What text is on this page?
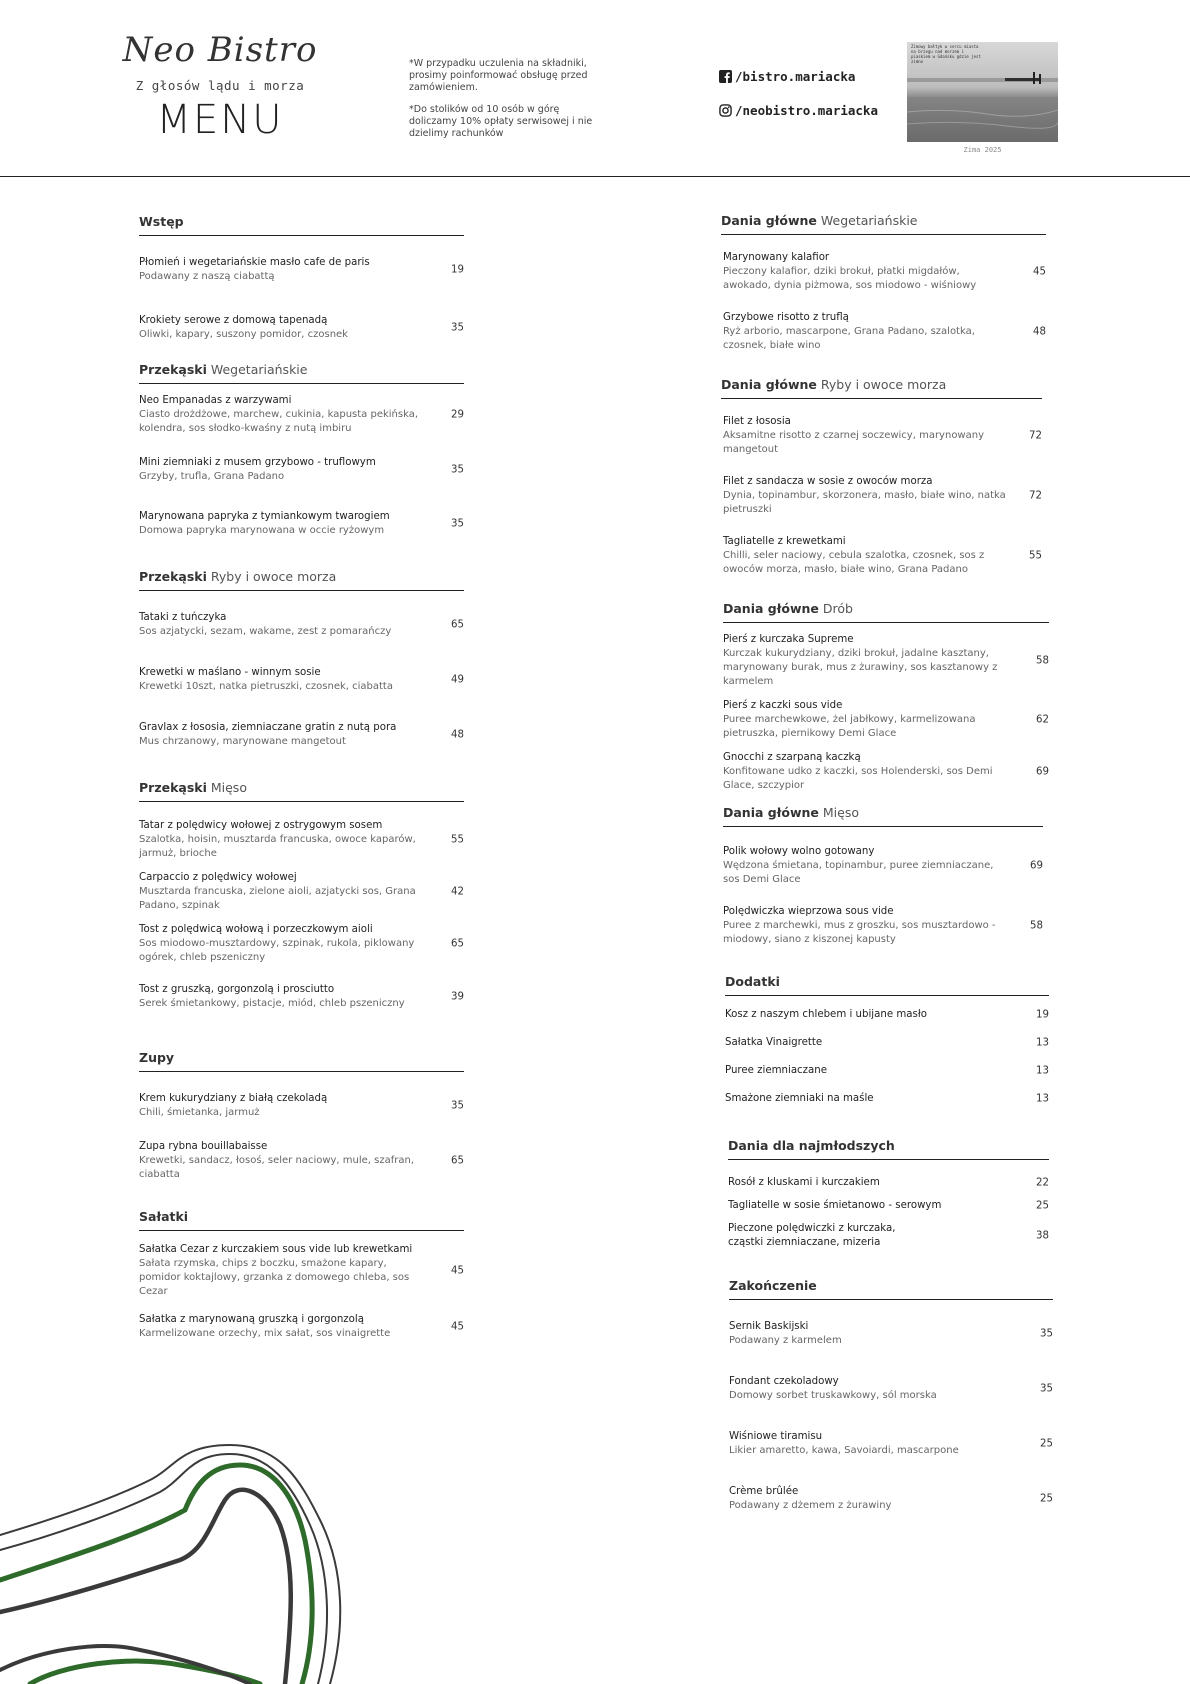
Neo Bistro
Z głosów lądu i morza
MENU

*W przypadku uczulenia na składniki, prosimy poinformować obsługę przed zamówieniem.

*Do stolików od 10 osób w górę doliczamy 10% opłaty serwisowej i nie dzielimy rachunków

/bistro.mariacka
/neobistro.mariacka
Zimowy bałtyk w sercu miasta na brzegu nad morzem i piaskiem w Gdańsku gdzie jest zimno
Zima 2025
Wstęp
Płomień i wegetariańskie masło cafe de paris
Podawany z naszą ciabattą
19
Krokiety serowe z domową tapenadą
Oliwki, kapary, suszony pomidor, czosnek
35
Przekąski Wegetariańskie
Neo Empanadas z warzywami
Ciasto drożdżowe, marchew, cukinia, kapusta pekińska, kolendra, sos słodko-kwaśny z nutą imbiru
29
Mini ziemniaki z musem grzybowo - truflowym
Grzyby, trufla, Grana Padano
35
Marynowana papryka z tymiankowym twarogiem
Domowa papryka marynowana w occie ryżowym
35
Przekąski Ryby i owoce morza
Tataki z tuńczyka
Sos azjatycki, sezam, wakame, zest z pomarańczy
65
Krewetki w maślano - winnym sosie
Krewetki 10szt, natka pietruszki, czosnek, ciabatta
49
Gravlax z łososia, ziemniaczane gratin z nutą pora
Mus chrzanowy, marynowane mangetout
48
Przekąski Mięso
Tatar z polędwicy wołowej z ostrygowym sosem
Szalotka, hoisin, musztarda francuska, owoce kaparów, jarmuż, brioche
55
Carpaccio z polędwicy wołowej
Musztarda francuska, zielone aioli, azjatycki sos, Grana Padano, szpinak
42
Tost z polędwicą wołową i porzeczkowym aioli
Sos miodowo-musztardowy, szpinak, rukola, piklowany ogórek, chleb pszeniczny
65
Tost z gruszką, gorgonzolą i prosciutto
Serek śmietankowy, pistacje, miód, chleb pszeniczny
39
Zupy
Krem kukurydziany z białą czekoladą
Chili, śmietanka, jarmuż
35
Zupa rybna bouillabaisse
Krewetki, sandacz, łosoś, seler naciowy, mule, szafran, ciabatta
65
Sałatki
Sałatka Cezar z kurczakiem sous vide lub krewetkami
Sałata rzymska, chips z boczku, smażone kapary, pomidor koktajlowy, grzanka z domowego chleba, sos Cezar
45
Sałatka z marynowaną gruszką i gorgonzolą
Karmelizowane orzechy, mix sałat, sos vinaigrette
45
Dania główne Wegetariańskie
Marynowany kalafior
Pieczony kalafior, dziki brokuł, płatki migdałów, awokado, dynia piżmowa, sos miodowo - wiśniowy
45
Grzybowe risotto z truflą
Ryż arborio, mascarpone, Grana Padano, szalotka, czosnek, białe wino
48
Dania główne Ryby i owoce morza
Filet z łososia
Aksamitne risotto z czarnej soczewicy, marynowany mangetout
72
Filet z sandacza w sosie z owoców morza
Dynia, topinambur, skorzonera, masło, białe wino, natka pietruszki
72
Tagliatelle z krewetkami
Chilli, seler naciowy, cebula szalotka, czosnek, sos z owoców morza, masło, białe wino, Grana Padano
55
Dania główne Drób
Pierś z kurczaka Supreme
Kurczak kukurydziany, dziki brokuł, jadalne kasztany, marynowany burak, mus z żurawiny, sos kasztanowy z karmelem
58
Pierś z kaczki sous vide
Puree marchewkowe, żel jabłkowy, karmelizowana pietruszka, piernikowy Demi Glace
62
Gnocchi z szarpaną kaczką
Konfitowane udko z kaczki, sos Holenderski, sos Demi Glace, szczypior
69
Dania główne Mięso
Polik wołowy wolno gotowany
Wędzona śmietana, topinambur, puree ziemniaczane, sos Demi Glace
69
Polędwiczka wieprzowa sous vide
Puree z marchewki, mus z groszku, sos musztardowo - miodowy, siano z kiszonej kapusty
58
Dodatki
Kosz z naszym chlebem i ubijane masło	19
Sałatka Vinaigrette	13
Puree ziemniaczane	13
Smażone ziemniaki na maśle	13
Dania dla najmłodszych
Rosół z kluskami i kurczakiem	22
Tagliatelle w sosie śmietanowo - serowym	25
Pieczone polędwiczki z kurczaka, cząstki ziemniaczane, mizeria
38
Zakończenie
Sernik Baskijski
Podawany z karmelem
35
Fondant czekoladowy
Domowy sorbet truskawkowy, sól morska
35
Wiśniowe tiramisu
Likier amaretto, kawa, Savoiardi, mascarpone
25
Crème brûlée
Podawany z dżemem z żurawiny
25
